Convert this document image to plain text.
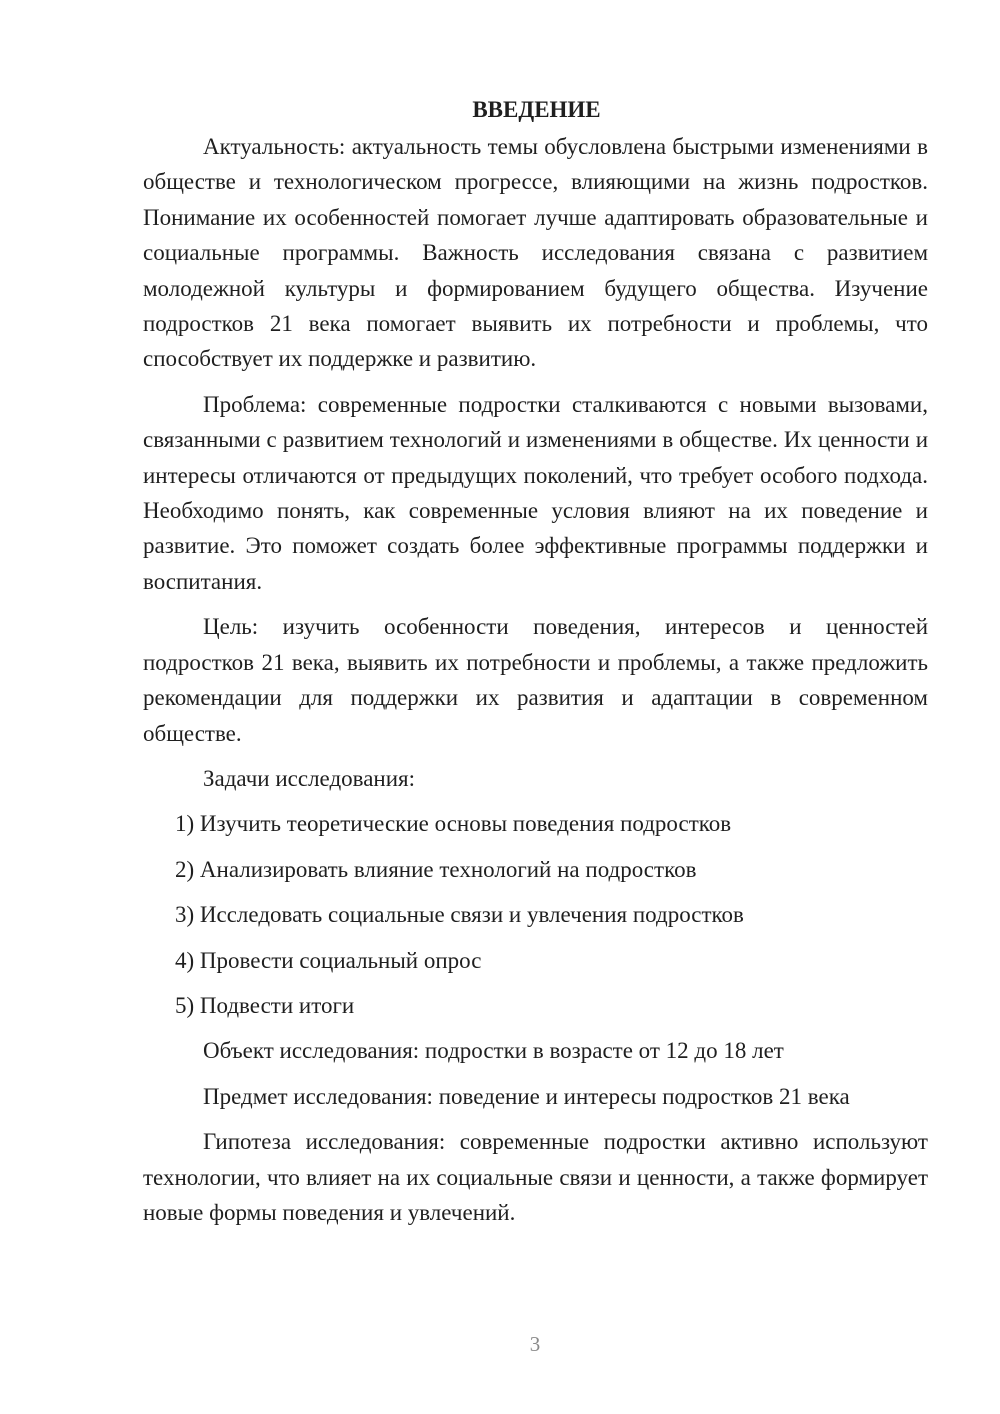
ВВЕДЕНИЕ

Актуальность: актуальность темы обусловлена быстрыми изменениями в обществе и технологическом прогрессе, влияющими на жизнь подростков. Понимание их особенностей помогает лучше адаптировать образовательные и социальные программы. Важность исследования связана с развитием молодежной культуры и формированием будущего общества. Изучение подростков 21 века помогает выявить их потребности и проблемы, что способствует их поддержке и развитию.

Проблема: современные подростки сталкиваются с новыми вызовами, связанными с развитием технологий и изменениями в обществе. Их ценности и интересы отличаются от предыдущих поколений, что требует особого подхода. Необходимо понять, как современные условия влияют на их поведение и развитие. Это поможет создать более эффективные программы поддержки и воспитания.

Цель: изучить особенности поведения, интересов и ценностей подростков 21 века, выявить их потребности и проблемы, а также предложить рекомендации для поддержки их развития и адаптации в современном обществе.

Задачи исследования:

1) Изучить теоретические основы поведения подростков

2) Анализировать влияние технологий на подростков

3) Исследовать социальные связи и увлечения подростков

4) Провести социальный опрос

5) Подвести итоги

Объект исследования: подростки в возрасте от 12 до 18 лет

Предмет исследования: поведение и интересы подростков 21 века

Гипотеза исследования: современные подростки активно используют технологии, что влияет на их социальные связи и ценности, а также формирует новые формы поведения и увлечений.

3
